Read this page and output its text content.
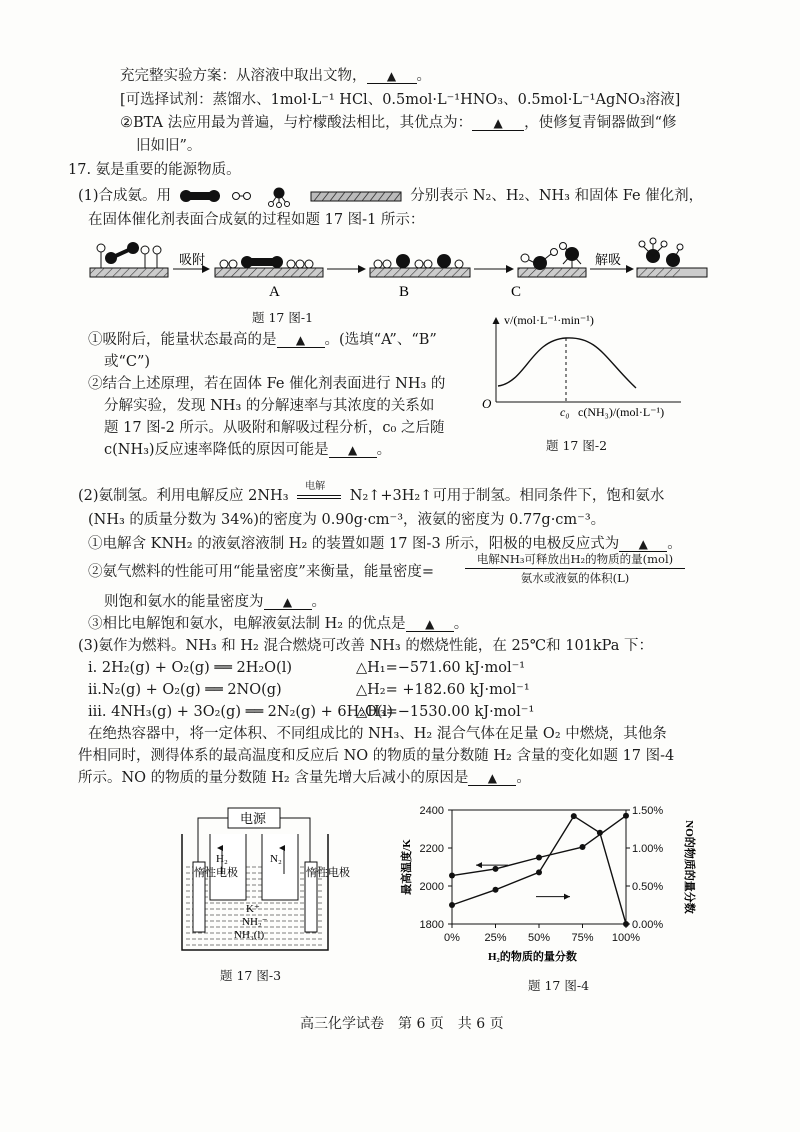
充完整实验方案：从溶液中取出文物， ▲ 。
[可选择试剂：蒸馏水、1mol·L⁻¹ HCl、0.5mol·L⁻¹HNO₃、0.5mol·L⁻¹AgNO₃溶液]
②BTA 法应用最为普遍，与柠檬酸法相比，其优点为： ▲ ，使修复青铜器做到“修
旧如旧”。
17. 氨是重要的能源物质。
(1)合成氨。用	分别表示 N₂、H₂、NH₃ 和固体 Fe 催化剂，
在固体催化剂表面合成氨的过程如题 17 图-1 所示：
吸附	解吸
A	B	C
题 17 图-1
①吸附后，能量状态最高的是 ▲ 。(选填“A”、“B”
或“C”)
②结合上述原理，若在固体 Fe 催化剂表面进行 NH₃ 的
分解实验，发现 NH₃ 的分解速率与其浓度的关系如
题 17 图-2 所示。从吸附和解吸过程分析，c₀ 之后随
c(NH₃)反应速率降低的原因可能是 ▲ 。
v/(mol·L⁻¹·min⁻¹)
O
c₀ c(NH₃)/(mol·L⁻¹)
题 17 图-2
(2)氨制氢。利用电解反应 2NH₃
电解
N₂↑+3H₂↑可用于制氢。相同条件下，饱和氨水
(NH₃ 的质量分数为 34%)的密度为 0.90g·cm⁻³，液氨的密度为 0.77g·cm⁻³。
①电解含 KNH₂ 的液氨溶液制 H₂ 的装置如题 17 图-3 所示，阳极的电极反应式为 ▲ 。
②氨气燃料的性能可用“能量密度”来衡量，能量密度=
电解NH₃可释放出H₂的物质的量(mol)
氨水或液氨的体积(L)
则饱和氨水的能量密度为 ▲ 。
③相比电解饱和氨水，电解液氨法制 H₂ 的优点是 ▲ 。
(3)氨作为燃料。NH₃ 和 H₂ 混合燃烧可改善 NH₃ 的燃烧性能，在 25℃和 101kPa 下：
i. 2H₂(g) + O₂(g) ══ 2H₂O(l)	△H₁=−571.60 kJ·mol⁻¹
ii.N₂(g) + O₂(g) ══ 2NO(g)	△H₂= +182.60 kJ·mol⁻¹
iii. 4NH₃(g) + 3O₂(g) ══ 2N₂(g) + 6H₂O(l)
△H₃=−1530.00 kJ·mol⁻¹
在绝热容器中，将一定体积、不同组成比的 NH₃、H₂ 混合气体在足量 O₂ 中燃烧，其他条
件相同时，测得体系的最高温度和反应后 NO 的物质的量分数随 H₂ 含量的变化如题 17 图-4
所示。NO 的物质的量分数随 H₂ 含量先增大后减小的原因是 ▲ 。
电源
惰性电极	惰性电极
H₂	N₂
K⁺
NH₂⁻
NH₃(l)
题 17 图-3
1800
2000
2200
2400
0.00%
0.50%
1.00%
1.50%
0% 25% 50% 75% 100%
H₂的物质的量分数
最高温度/K	NO的物质的量分数
题 17 图-4
高三化学试卷　第 6 页　共 6 页
